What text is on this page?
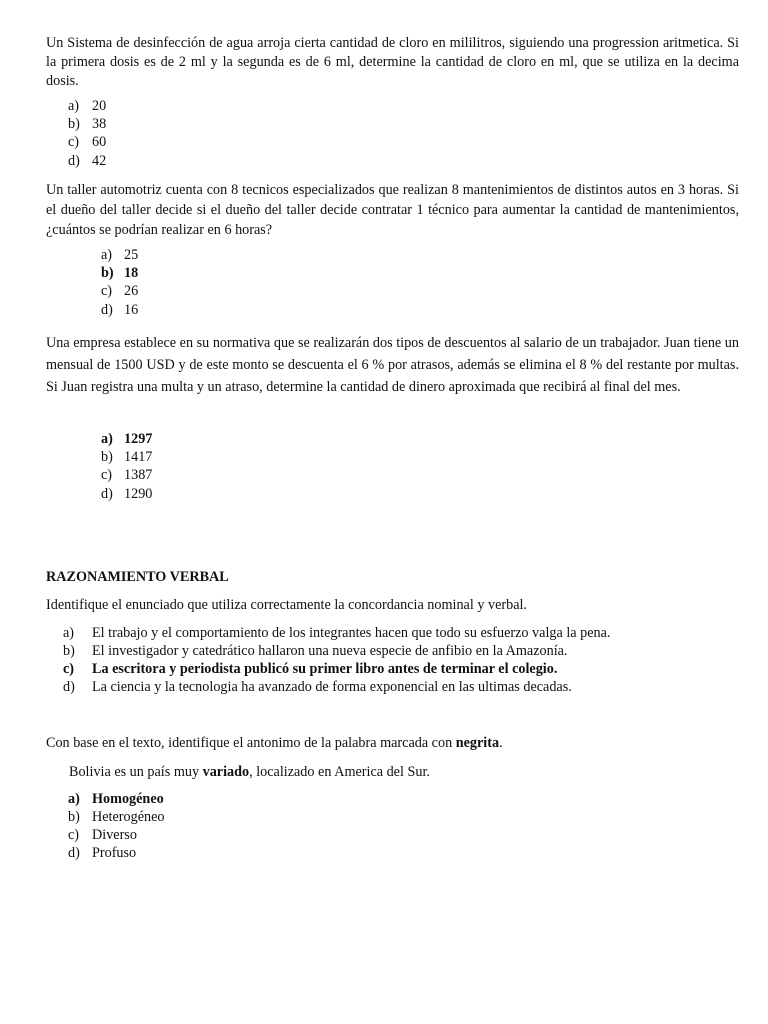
Un Sistema de desinfección de agua arroja cierta cantidad de cloro en mililitros, siguiendo una progression aritmetica. Si la primera dosis es de 2 ml y la segunda es de 6 ml, determine la cantidad de cloro en ml, que se utiliza en la decima dosis.

a) 20
b) 38
c) 60
d) 42

Un taller automotriz cuenta con 8 tecnicos especializados que realizan 8 mantenimientos de distintos autos en 3 horas. Si el dueño del taller decide si el dueño del taller decide contratar 1 técnico para aumentar la cantidad de mantenimientos, ¿cuántos se podrían realizar en 6 horas?

a) 25
b) 18
c) 26
d) 16

Una empresa establece en su normativa que se realizarán dos tipos de descuentos al salario de un trabajador. Juan tiene un mensual de 1500 USD y de este monto se descuenta el 6 % por atrasos, además se elimina el 8 % del restante por multas. Si Juan registra una multa y un atraso, determine la cantidad de dinero aproximada que recibirá al final del mes.

a) 1297
b) 1417
c) 1387
d) 1290
RAZONAMIENTO VERBAL
Identifique el enunciado que utiliza correctamente la concordancia nominal y verbal.
a) El trabajo y el comportamiento de los integrantes hacen que todo su esfuerzo valga la pena.
b) El investigador y catedrático hallaron una nueva especie de anfibio en la Amazonía.
c) La escritora y periodista publicó su primer libro antes de terminar el colegio.
d) La ciencia y la tecnologia ha avanzado de forma exponencial en las ultimas decadas.
Con base en el texto, identifique el antonimo de la palabra marcada con negrita.
Bolivia es un país muy variado, localizado en America del Sur.
a) Homogéneo
b) Heterogéneo
c) Diverso
d) Profuso
